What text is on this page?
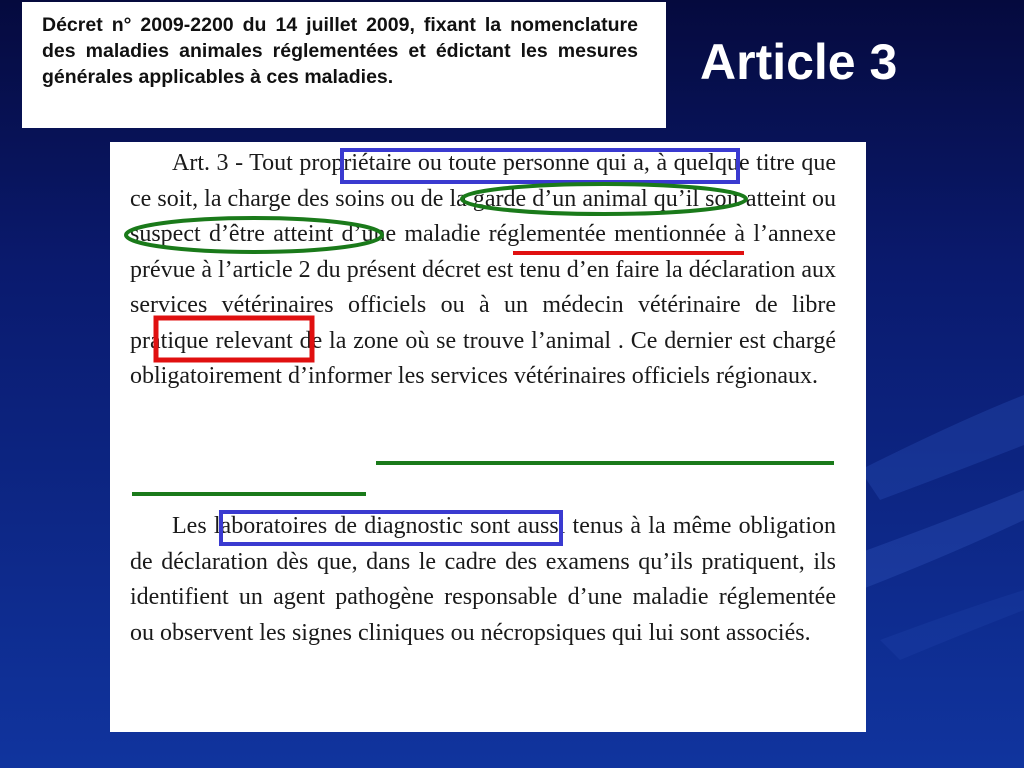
Décret n° 2009-2200 du 14 juillet 2009, fixant la nomenclature des maladies animales réglementées et édictant les mesures générales applicables à ces maladies.	Article 3

Art. 3 - Tout propriétaire ou toute personne qui a, à quelque titre que ce soit, la charge des soins ou de la garde d’un animal qu’il soit atteint ou suspect d’être atteint d’une maladie réglementée mentionnée à l’annexe prévue à l’article 2 du présent décret est tenu d’en faire la déclaration aux services vétérinaires officiels ou à un médecin vétérinaire de libre pratique relevant de la zone où se trouve l’animal . Ce dernier est chargé obligatoirement d’informer les services vétérinaires officiels régionaux.

Les laboratoires de diagnostic sont aussi tenus à la même obligation de déclaration dès que, dans le cadre des examens qu’ils pratiquent, ils identifient un agent pathogène responsable d’une maladie réglementée ou observent les signes cliniques ou nécropsiques qui lui sont associés.
